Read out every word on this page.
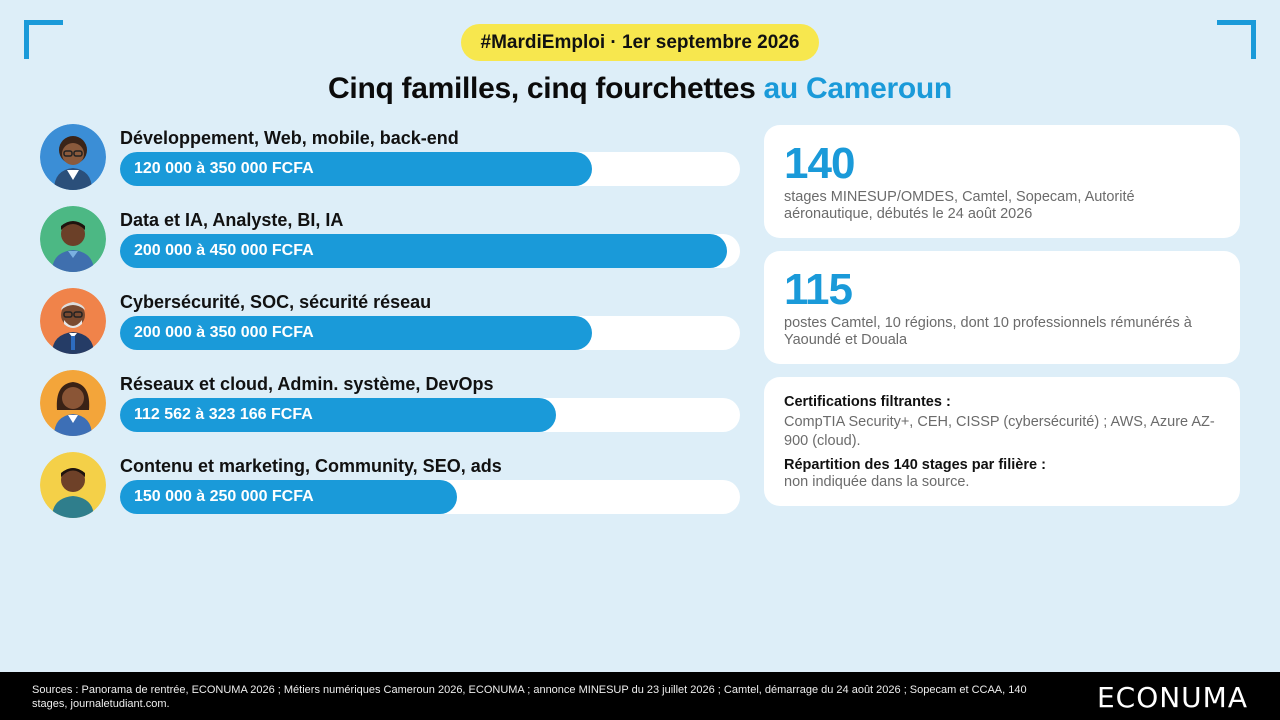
#MardiEmploi · 1er septembre 2026
Cinq familles, cinq fourchettes au Cameroun
Développement, Web, mobile, back-end
120 000 à 350 000 FCFA
Data et IA, Analyste, BI, IA
200 000 à 450 000 FCFA
Cybersécurité, SOC, sécurité réseau
200 000 à 350 000 FCFA
Réseaux et cloud, Admin. système, DevOps
112 562 à 323 166 FCFA
Contenu et marketing, Community, SEO, ads
150 000 à 250 000 FCFA
140
stages MINESUP/OMDES, Camtel, Sopecam, Autorité aéronautique, débutés le 24 août 2026
115
postes Camtel, 10 régions, dont 10 professionnels rémunérés à Yaoundé et Douala
Certifications filtrantes :
CompTIA Security+, CEH, CISSP (cybersécurité) ; AWS, Azure AZ-900 (cloud).
Répartition des 140 stages par filière :
non indiquée dans la source.
Sources : Panorama de rentrée, ECONUMA 2026 ; Métiers numériques Cameroun 2026, ECONUMA ; annonce MINESUP du 23 juillet 2026 ; Camtel, démarrage du 24 août 2026 ; Sopecam et CCAA, 140 stages, journaletudiant.com.	ECONUMA
